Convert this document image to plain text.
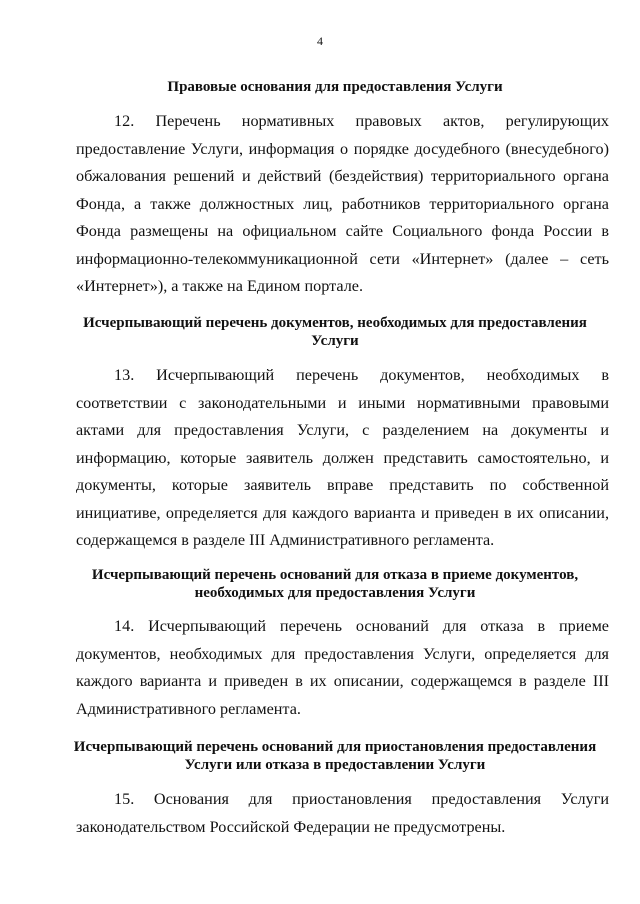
4
Правовые основания для предоставления Услуги

12. Перечень нормативных правовых актов, регулирующих предоставление Услуги, информация о порядке досудебного (внесудебного) обжалования решений и действий (бездействия) территориального органа Фонда, а также должностных лиц, работников территориального органа Фонда размещены на официальном сайте Социального фонда России в информационно-телекоммуникационной сети «Интернет» (далее – сеть «Интернет»), а также на Едином портале.

Исчерпывающий перечень документов, необходимых для предоставления Услуги

13. Исчерпывающий перечень документов, необходимых в соответствии с законодательными и иными нормативными правовыми актами для предоставления Услуги, с разделением на документы и информацию, которые заявитель должен представить самостоятельно, и документы, которые заявитель вправе представить по собственной инициативе, определяется для каждого варианта и приведен в их описании, содержащемся в разделе III Административного регламента.

Исчерпывающий перечень оснований для отказа в приеме документов, необходимых для предоставления Услуги

14. Исчерпывающий перечень оснований для отказа в приеме документов, необходимых для предоставления Услуги, определяется для каждого варианта и приведен в их описании, содержащемся в разделе III Административного регламента.

Исчерпывающий перечень оснований для приостановления предоставления Услуги или отказа в предоставлении Услуги

15. Основания для приостановления предоставления Услуги законодательством Российской Федерации не предусмотрены.
